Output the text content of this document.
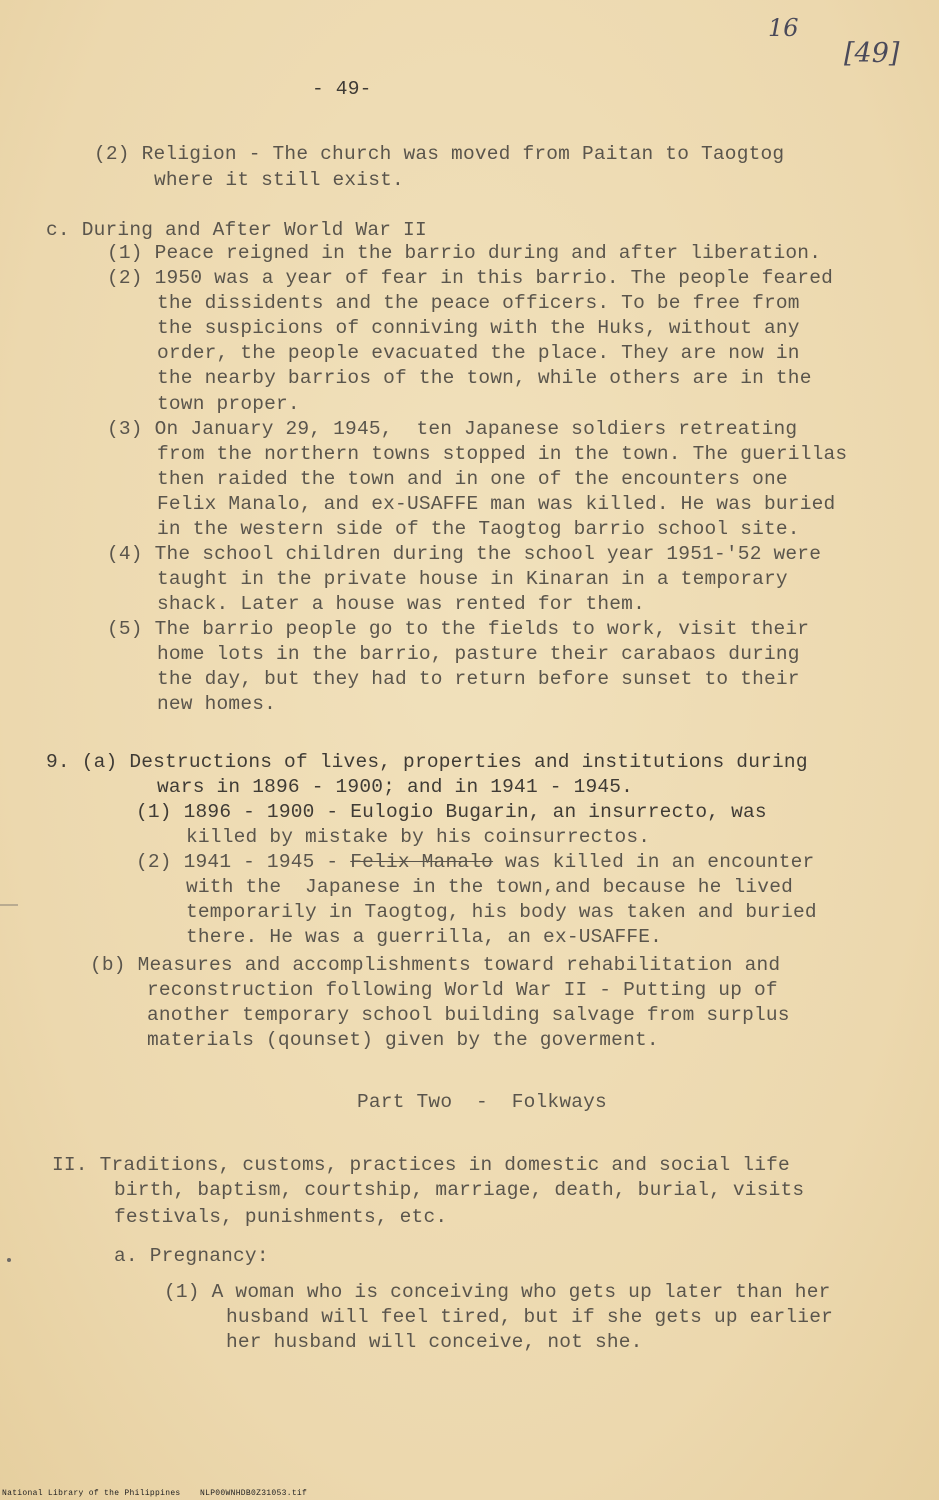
16
[49]
- 49-
(2) Religion - The church was moved from Paitan to Taogtog
where it still exist.
c. During and After World War II
(1) Peace reigned in the barrio during and after liberation.
(2) 1950 was a year of fear in this barrio. The people feared
the dissidents and the peace officers. To be free from
the suspicions of conniving with the Huks, without any
order, the people evacuated the place. They are now in
the nearby barrios of the town, while others are in the
town proper.
(3) On January 29, 1945,  ten Japanese soldiers retreating
from the northern towns stopped in the town. The guerillas
then raided the town and in one of the encounters one
Felix Manalo, and ex-USAFFE man was killed. He was buried
in the western side of the Taogtog barrio school site.
(4) The school children during the school year 1951-'52 were
taught in the private house in Kinaran in a temporary
shack. Later a house was rented for them.
(5) The barrio people go to the fields to work, visit their
home lots in the barrio, pasture their carabaos during
the day, but they had to return before sunset to their
new homes.
9. (a) Destructions of lives, properties and institutions during
wars in 1896 - 1900; and in 1941 - 1945.
(1) 1896 - 1900 - Eulogio Bugarin, an insurrecto, was
killed by mistake by his coinsurrectos.
(2) 1941 - 1945 - Felix Manalo was killed in an encounter
with the  Japanese in the town,and because he lived
temporarily in Taogtog, his body was taken and buried
there. He was a guerrilla, an ex-USAFFE.
(b) Measures and accomplishments toward rehabilitation and
reconstruction following World War II - Putting up of
another temporary school building salvage from surplus
materials (qounset) given by the goverment.
Part Two  -  Folkways
II. Traditions, customs, practices in domestic and social life
birth, baptism, courtship, marriage, death, burial, visits
festivals, punishments, etc.
a. Pregnancy:
(1) A woman who is conceiving who gets up later than her
husband will feel tired, but if she gets up earlier
her husband will conceive, not she.
National Library of the Philippines NLP00WNHDB0Z31053.tif
